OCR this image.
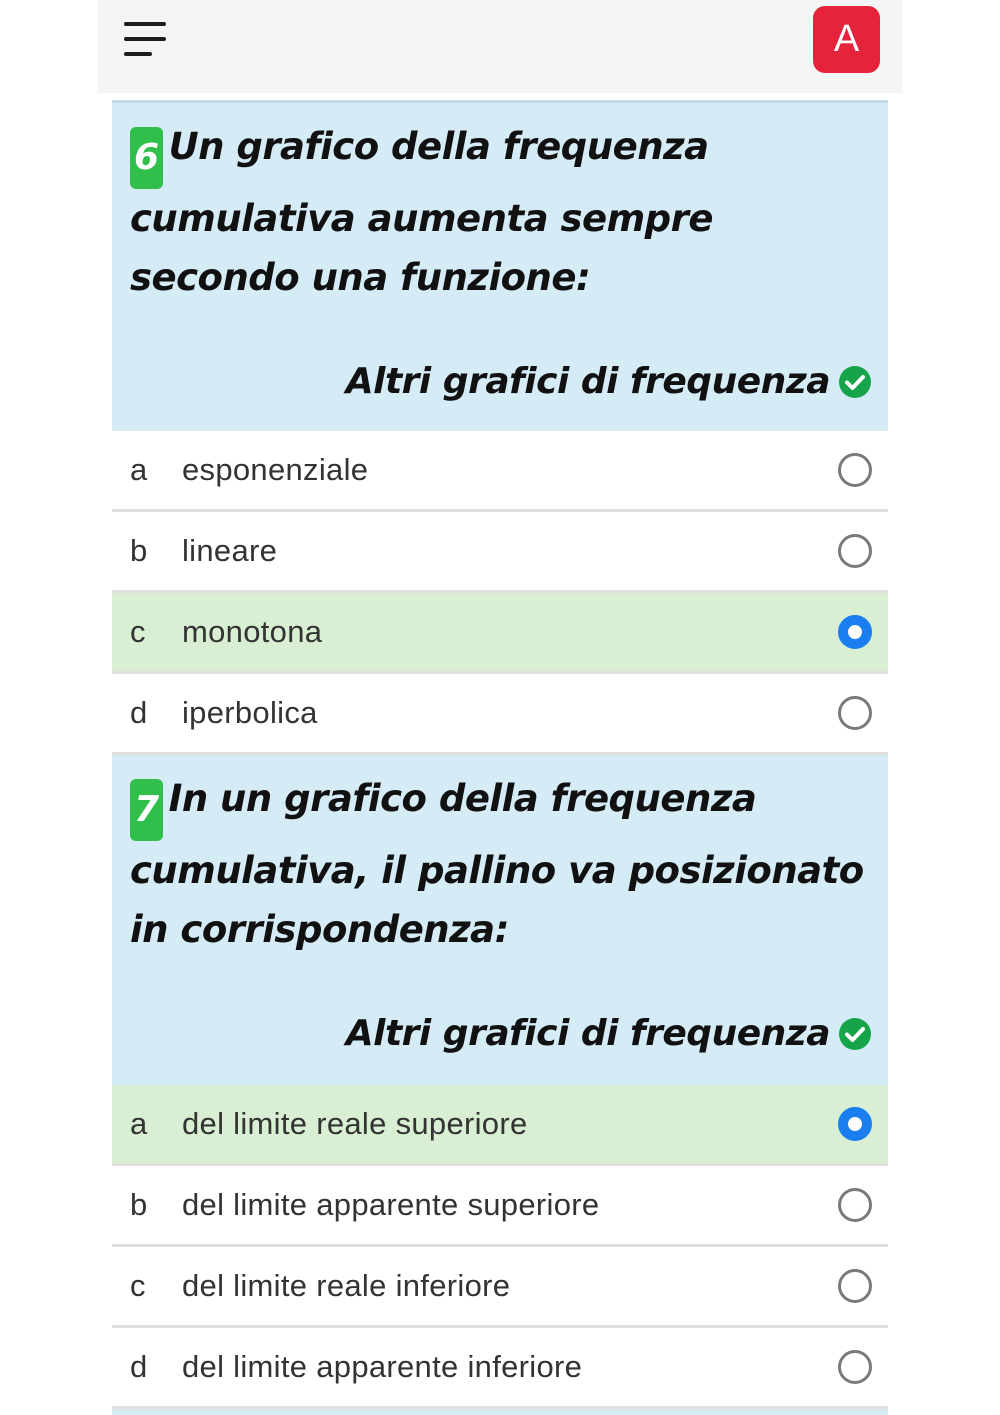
A
6 Un grafico della frequenza cumulativa aumenta sempre secondo una funzione:
Altri grafici di frequenza
a esponenziale
b lineare
c monotona
d iperbolica
7 In un grafico della frequenza cumulativa, il pallino va posizionato in corrispondenza:
Altri grafici di frequenza
a del limite reale superiore
b del limite apparente superiore
c del limite reale inferiore
d del limite apparente inferiore
